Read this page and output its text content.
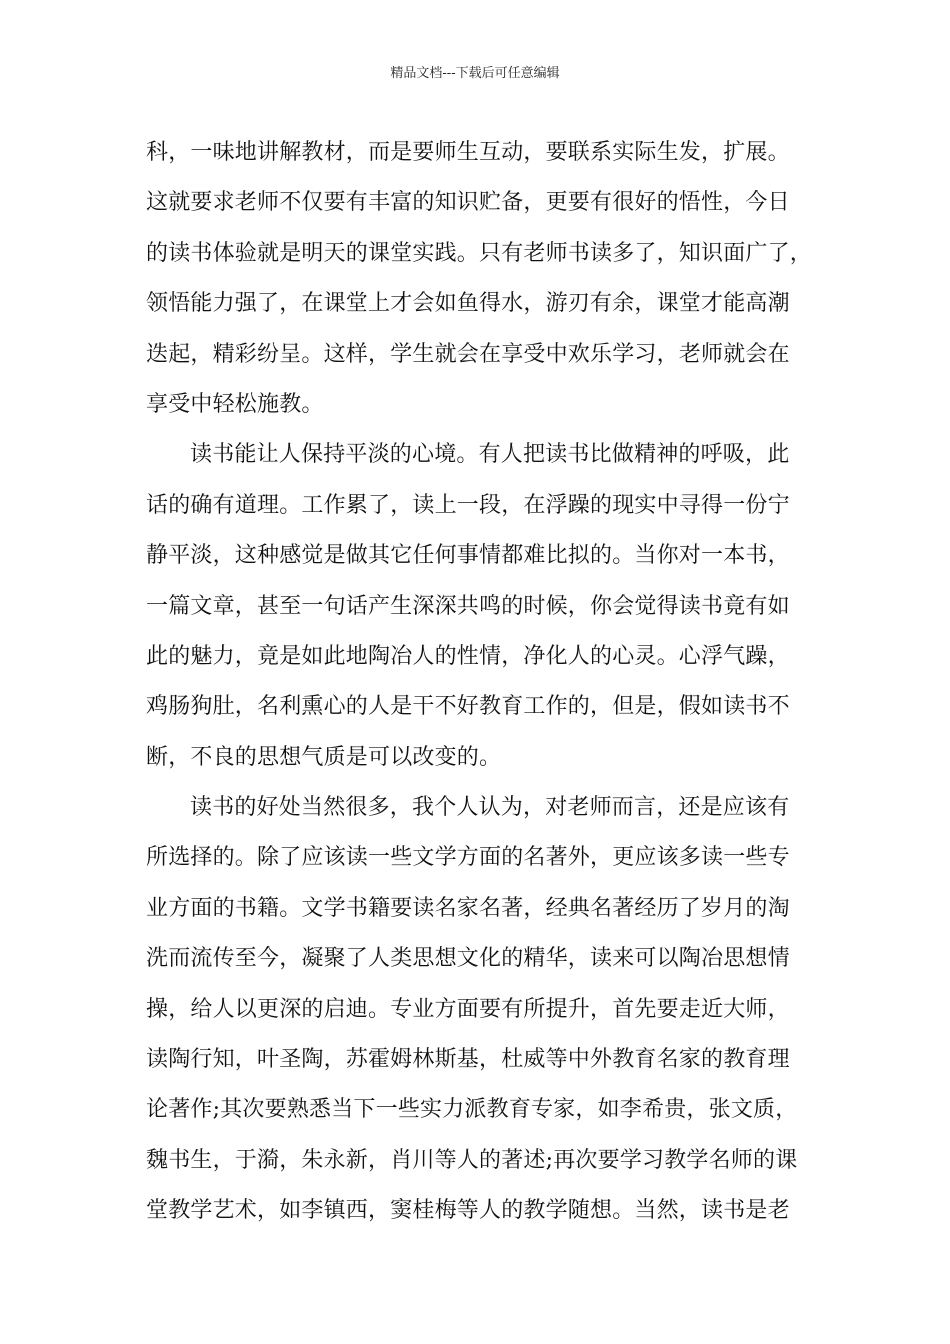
精品文档---下载后可任意编辑
科，一味地讲解教材，而是要师生互动，要联系实际生发，扩展。
这就要求老师不仅要有丰富的知识贮备，更要有很好的悟性，今日
的读书体验就是明天的课堂实践。只有老师书读多了，知识面广了，
领悟能力强了，在课堂上才会如鱼得水，游刃有余，课堂才能高潮
迭起，精彩纷呈。这样，学生就会在享受中欢乐学习，老师就会在
享受中轻松施教。
读书能让人保持平淡的心境。有人把读书比做精神的呼吸，此
话的确有道理。工作累了，读上一段，在浮躁的现实中寻得一份宁
静平淡，这种感觉是做其它任何事情都难比拟的。当你对一本书，
一篇文章，甚至一句话产生深深共鸣的时候，你会觉得读书竟有如
此的魅力，竟是如此地陶冶人的性情，净化人的心灵。心浮气躁，
鸡肠狗肚，名利熏心的人是干不好教育工作的，但是，假如读书不
断，不良的思想气质是可以改变的。
读书的好处当然很多，我个人认为，对老师而言，还是应该有
所选择的。除了应该读一些文学方面的名著外，更应该多读一些专
业方面的书籍。文学书籍要读名家名著，经典名著经历了岁月的淘
洗而流传至今，凝聚了人类思想文化的精华，读来可以陶冶思想情
操，给人以更深的启迪。专业方面要有所提升，首先要走近大师，
读陶行知，叶圣陶，苏霍姆林斯基，杜威等中外教育名家的教育理
论著作;其次要熟悉当下一些实力派教育专家，如李希贵，张文质，
魏书生，于漪，朱永新，肖川等人的著述;再次要学习教学名师的课
堂教学艺术，如李镇西，窦桂梅等人的教学随想。当然，读书是老
